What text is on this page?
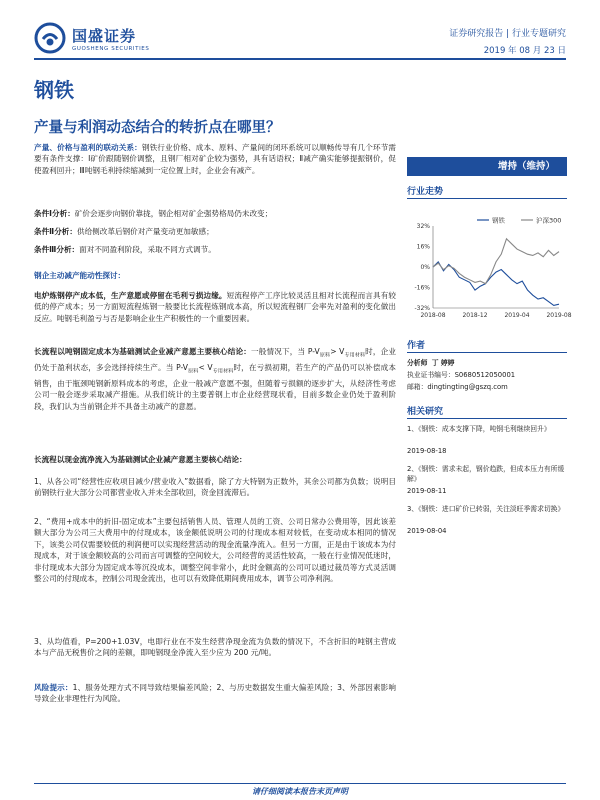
国盛证券
GUOSHENG SECURITIES
证券研究报告 | 行业专题研究
2019 年 08 月 23 日
钢铁
产量与利润动态结合的转折点在哪里？
产量、价格与盈利的联动关系：钢铁行业价格、成本、原料、产量间的闭环系统可以顺畅传导有几个环节需要有条件支撑：Ⅰ矿价跟随钢价调整，且钢厂相对矿企较为强势，具有话语权；Ⅱ减产确实能够提振钢价，促使盈利回升；Ⅲ吨钢毛利持续缩减到一定位置上时，企业会有减产。
条件Ⅰ分析：矿价会逐步向钢价靠拢，钢企相对矿企强势格局仍未改变；
条件Ⅱ分析：供给侧改革后钢价对产量变动更加敏感；
条件Ⅲ分析：面对不同盈利阶段，采取不同方式调节。
钢企主动减产能动性探讨：
电炉炼钢停产成本低，生产意愿或停留在毛利亏损边缘。短流程停产工序比较灵活且相对长流程而言具有较低的停产成本；另一方面短流程炼钢一般要比长流程炼钢成本高，所以短流程钢厂会率先对盈利的变化做出反应。吨钢毛利盈亏与否是影响企业生产积极性的一个重要因素。
长流程以吨钢固定成本为基础测试企业减产意愿主要核心结论：一般情况下，当 $P-V_{原料}> V_{专用材料}$时，企业仍处于盈利状态，多会选择持续生产。当 $P-V_{原料}< V_{专用材料}$时，在亏损初期，若生产的产品仍可以补偿成本销售，由于瓶颈吨钢新原料成本的考虑，企业一般减产意愿不强，但随着亏损额的逐步扩大，从经济性考虑公司一般会逐步采取减产措施。从我们统计的主要普钢上市企业经营现状看，目前多数企业仍处于盈利阶段，我们认为当前钢企并不具备主动减产的意愿。
长流程以现金流净流入为基础测试企业减产意愿主要核心结论：
1、从各公司“经营性应收项目减少/营业收入”数据看，除了方大特钢为正数外，其余公司都为负数；说明目前钢铁行业大部分公司都营业收入并未全部收回，资金回流滞后。
2、“费用+成本中的折旧-固定成本”主要包括销售人员、管理人员的工资、公司日常办公费用等，因此该差额大部分为公司三大费用中的付现成本，该金额低说明公司的付现成本相对较低，在变动成本相同的情况下，该类公司仅需要较低的利润便可以实现经营活动的现金流量净流入。但另一方面，正是由于该成本为付现成本，对于该金额较高的公司而言可调整的空间较大，公司经营的灵活性较高，一般在行业情况低迷时，非付现成本大部分为固定成本等沉没成本，调整空间非常小，此时金额高的公司可以通过裁员等方式灵活调整公司的付现成本，控制公司现金流出，也可以有效降低期间费用成本，调节公司净利润。
3、从均值看，P=200+1.03V，电即行业在不发生经营净现金流为负数的情况下，不含折旧的吨钢主营成本与产品无税售价之间的差额，即吨钢现金净流入至少应为 200 元/吨。
风险提示：1、服务处理方式不同导致结果偏差风险；2、与历史数据发生重大偏差风险；3、外部因素影响导致企业非理性行为风险。
增持（维持）
行业走势
32%
16%
0%
-16%
-32%
2018-08	2018-12	2019-04	2019-08
钢铁	沪深300
作者
分析师 丁 婷婷
执业证书编号：S0680512050001
邮箱：dingtingting@gszq.com
相关研究
1、《钢铁：成本支撑下降，吨钢毛利继续回升》
2019-08-18
2、《钢铁：需求未起，钢价趋跌，但成本压力有所缓解》
2019-08-11
3、《钢铁：进口矿价已转弱，关注淡旺季需求切换》
2019-08-04
请仔细阅读本报告末页声明
